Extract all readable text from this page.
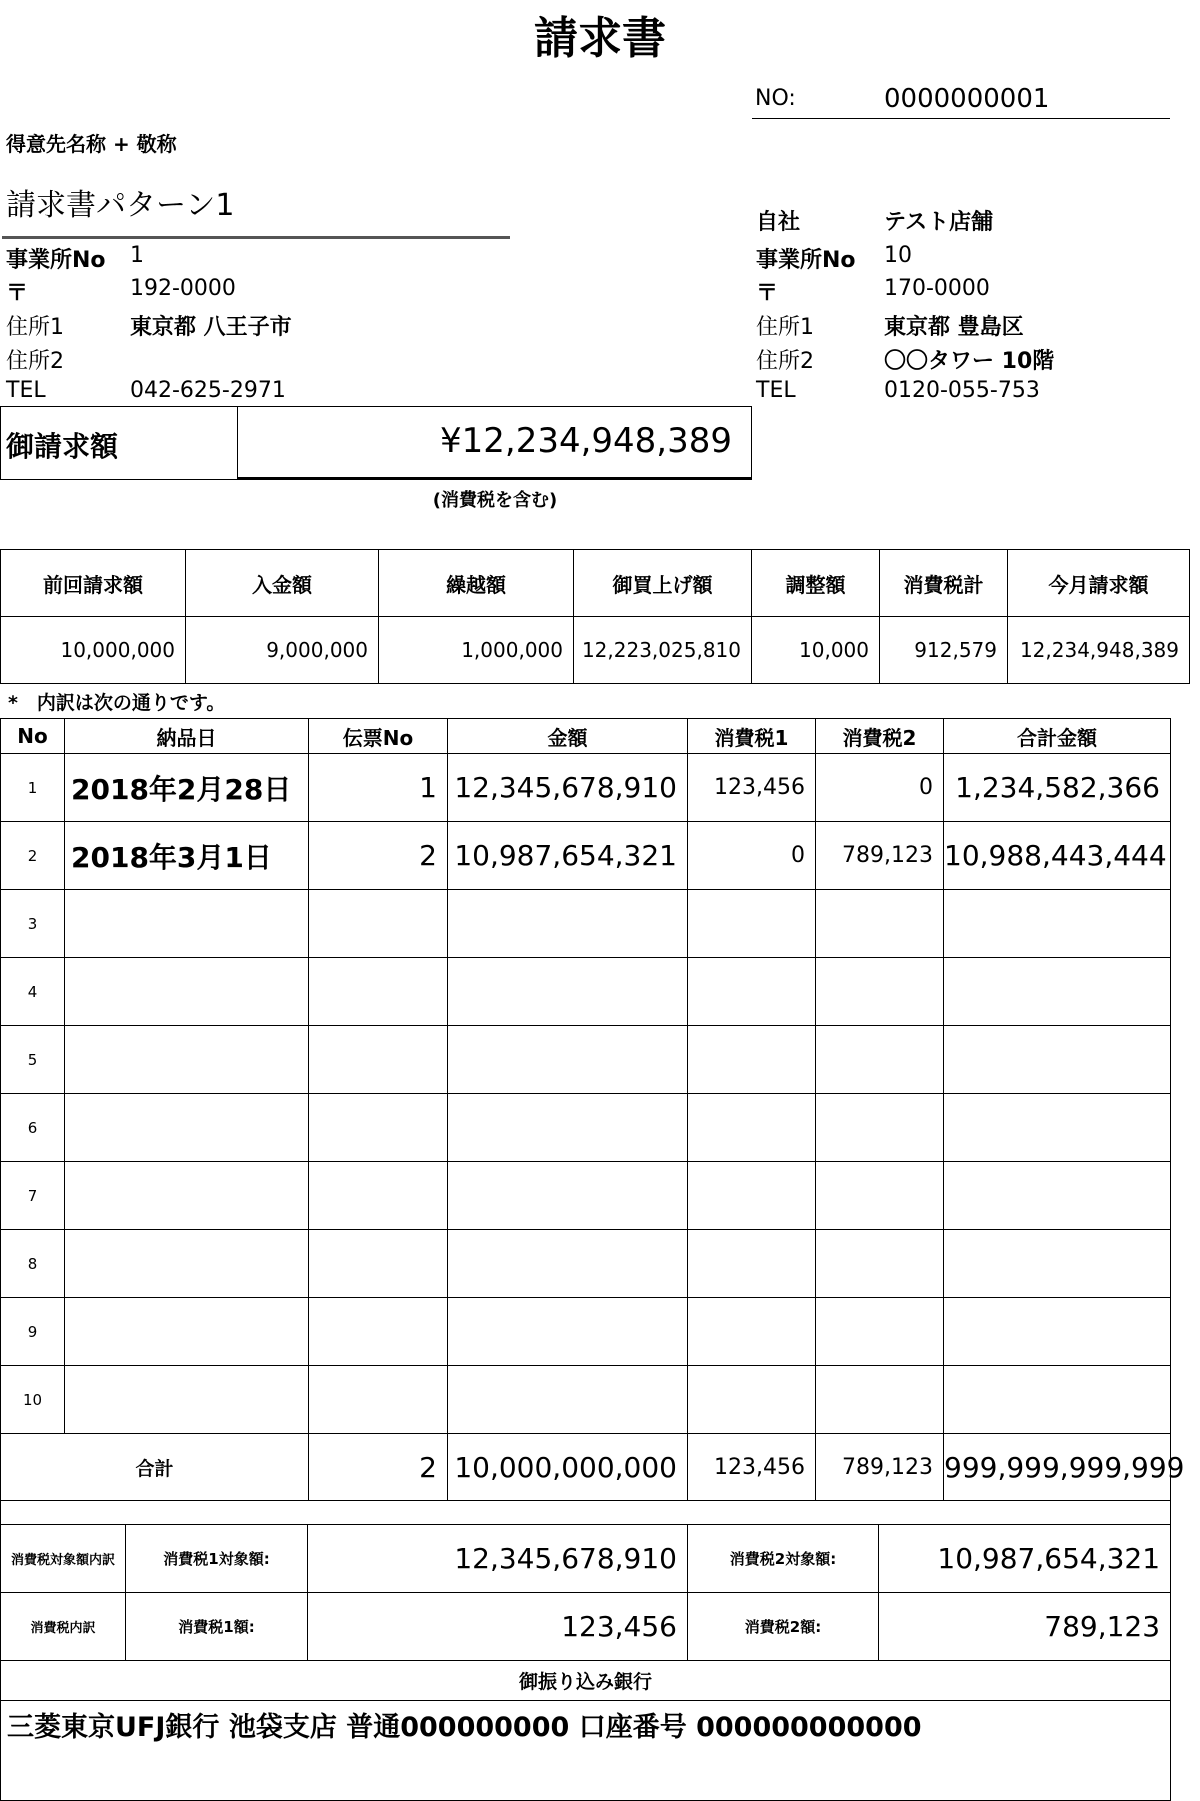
請求書
NO:	0000000001
得意先名称 + 敬称
請求書パターン1
事業所No 1
〒	192-0000
住所1	東京都 八王子市
住所2
TEL	042-625-2971
自社	テスト店舗
事業所No 10
〒	170-0000
住所1	東京都 豊島区
住所2	〇〇タワー 10階
TEL	0120-055-753
御請求額	¥12,234,948,389
(消費税を含む)
前回請求額	入金額	繰越額	御買上げ額	調整額	消費税計	今月請求額
10,000,000	9,000,000	1,000,000	12,223,025,810	10,000	912,579	12,234,948,389
*　内訳は次の通りです。
No	納品日	伝票No	金額	消費税1	消費税2	合計金額
1	2018年2月28日	1	12,345,678,910	123,456	0	1,234,582,366
2	2018年3月1日	2	10,987,654,321	0	789,123	10,988,443,444
3						
4						
5						
6						
7						
8						
9						
10						
合計		2	10,000,000,000	123,456	789,123	999,999,999,999

消費税対象額内訳	消費税1対象額:	12,345,678,910	消費税2対象額:	10,987,654,321
消費税内訳	消費税1額:	123,456	消費税2額:	789,123
御振り込み銀行				
三菱東京UFJ銀行 池袋支店 普通000000000 口座番号 000000000000				
